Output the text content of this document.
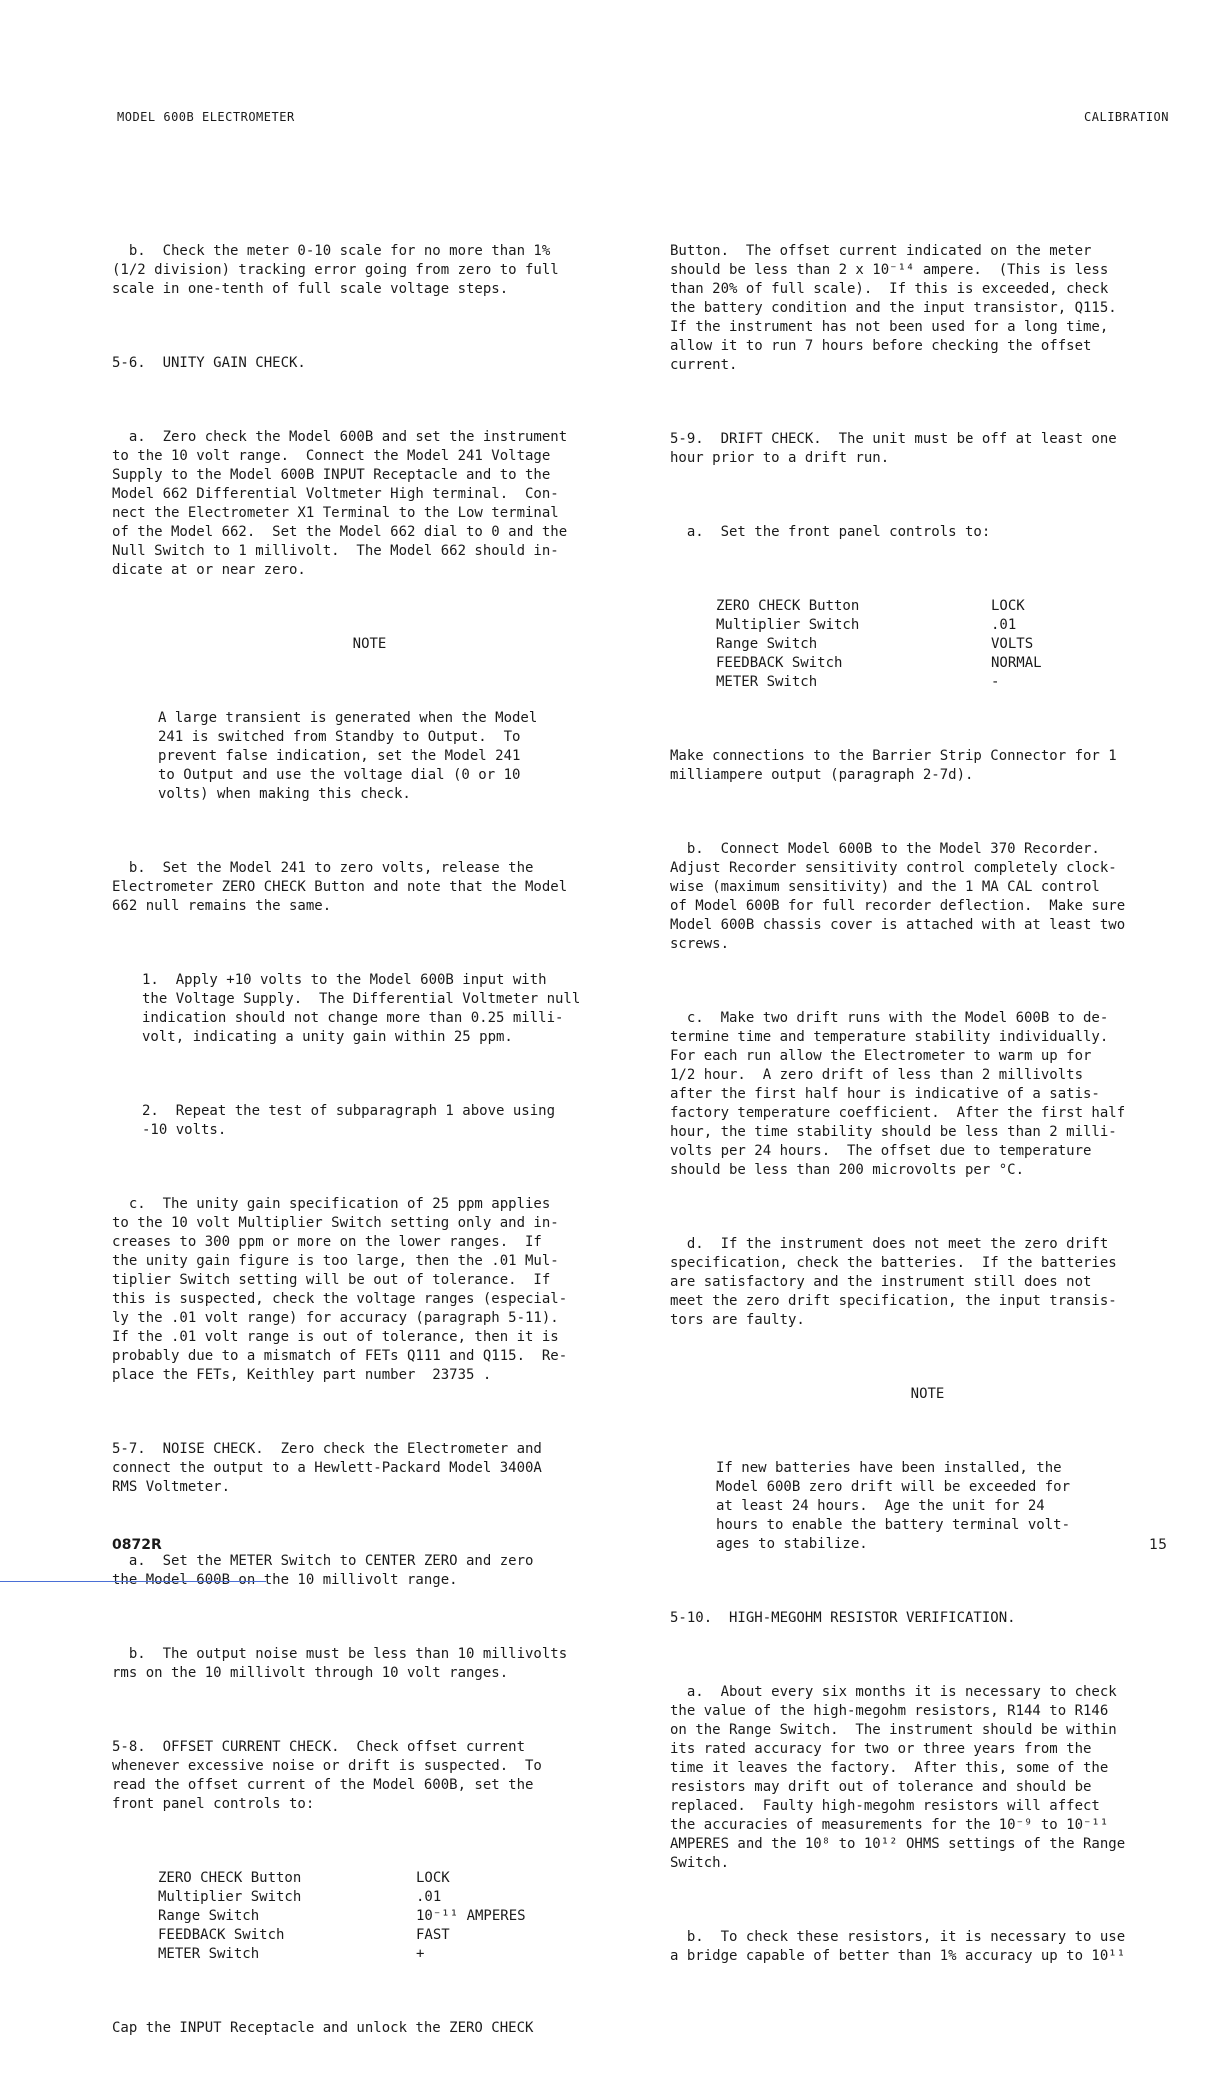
MODEL 600B ELECTROMETER	CALIBRATION

b.  Check the meter 0-10 scale for no more than 1%
(1/2 division) tracking error going from zero to full
scale in one-tenth of full scale voltage steps.

5-6.  UNITY GAIN CHECK.

a.  Zero check the Model 600B and set the instrument
to the 10 volt range.  Connect the Model 241 Voltage
Supply to the Model 600B INPUT Receptacle and to the
Model 662 Differential Voltmeter High terminal.  Con-
nect the Electrometer X1 Terminal to the Low terminal
of the Model 662.  Set the Model 662 dial to 0 and the
Null Switch to 1 millivolt.  The Model 662 should in-
dicate at or near zero.

NOTE

A large transient is generated when the Model
241 is switched from Standby to Output.  To
prevent false indication, set the Model 241
to Output and use the voltage dial (0 or 10
volts) when making this check.

b.  Set the Model 241 to zero volts, release the
Electrometer ZERO CHECK Button and note that the Model
662 null remains the same.

1.  Apply +10 volts to the Model 600B input with
the Voltage Supply.  The Differential Voltmeter null
indication should not change more than 0.25 milli-
volt, indicating a unity gain within 25 ppm.

2.  Repeat the test of subparagraph 1 above using
-10 volts.

c.  The unity gain specification of 25 ppm applies
to the 10 volt Multiplier Switch setting only and in-
creases to 300 ppm or more on the lower ranges.  If
the unity gain figure is too large, then the .01 Mul-
tiplier Switch setting will be out of tolerance.  If
this is suspected, check the voltage ranges (especial-
ly the .01 volt range) for accuracy (paragraph 5-11).
If the .01 volt range is out of tolerance, then it is
probably due to a mismatch of FETs Q111 and Q115.  Re-
place the FETs, Keithley part number  23735 .

5-7.  NOISE CHECK.  Zero check the Electrometer and
connect the output to a Hewlett-Packard Model 3400A
RMS Voltmeter.

a.  Set the METER Switch to CENTER ZERO and zero
the Model 600B on the 10 millivolt range.

b.  The output noise must be less than 10 millivolts
rms on the 10 millivolt through 10 volt ranges.

5-8.  OFFSET CURRENT CHECK.  Check offset current
whenever excessive noise or drift is suspected.  To
read the offset current of the Model 600B, set the
front panel controls to:

ZERO CHECK Button	LOCK
Multiplier Switch	.01
Range Switch	10⁻¹¹ AMPERES
FEEDBACK Switch	FAST
METER Switch	+

Cap the INPUT Receptacle and unlock the ZERO CHECK

Button.  The offset current indicated on the meter
should be less than 2 x 10⁻¹⁴ ampere.  (This is less
than 20% of full scale).  If this is exceeded, check
the battery condition and the input transistor, Q115.
If the instrument has not been used for a long time,
allow it to run 7 hours before checking the offset
current.

5-9.  DRIFT CHECK.  The unit must be off at least one
hour prior to a drift run.

a.  Set the front panel controls to:

ZERO CHECK Button	LOCK
Multiplier Switch	.01
Range Switch	VOLTS
FEEDBACK Switch	NORMAL
METER Switch	-

Make connections to the Barrier Strip Connector for 1
milliampere output (paragraph 2-7d).

b.  Connect Model 600B to the Model 370 Recorder.
Adjust Recorder sensitivity control completely clock-
wise (maximum sensitivity) and the 1 MA CAL control
of Model 600B for full recorder deflection.  Make sure
Model 600B chassis cover is attached with at least two
screws.

c.  Make two drift runs with the Model 600B to de-
termine time and temperature stability individually.
For each run allow the Electrometer to warm up for
1/2 hour.  A zero drift of less than 2 millivolts
after the first half hour is indicative of a satis-
factory temperature coefficient.  After the first half
hour, the time stability should be less than 2 milli-
volts per 24 hours.  The offset due to temperature
should be less than 200 microvolts per °C.

d.  If the instrument does not meet the zero drift
specification, check the batteries.  If the batteries
are satisfactory and the instrument still does not
meet the zero drift specification, the input transis-
tors are faulty.

NOTE

If new batteries have been installed, the
Model 600B zero drift will be exceeded for
at least 24 hours.  Age the unit for 24
hours to enable the battery terminal volt-
ages to stabilize.

5-10.  HIGH-MEGOHM RESISTOR VERIFICATION.

a.  About every six months it is necessary to check
the value of the high-megohm resistors, R144 to R146
on the Range Switch.  The instrument should be within
its rated accuracy for two or three years from the
time it leaves the factory.  After this, some of the
resistors may drift out of tolerance and should be
replaced.  Faulty high-megohm resistors will affect
the accuracies of measurements for the 10⁻⁹ to 10⁻¹¹
AMPERES and the 10⁸ to 10¹² OHMS settings of the Range
Switch.

b.  To check these resistors, it is necessary to use
a bridge capable of better than 1% accuracy up to 10¹¹

0872R	15
